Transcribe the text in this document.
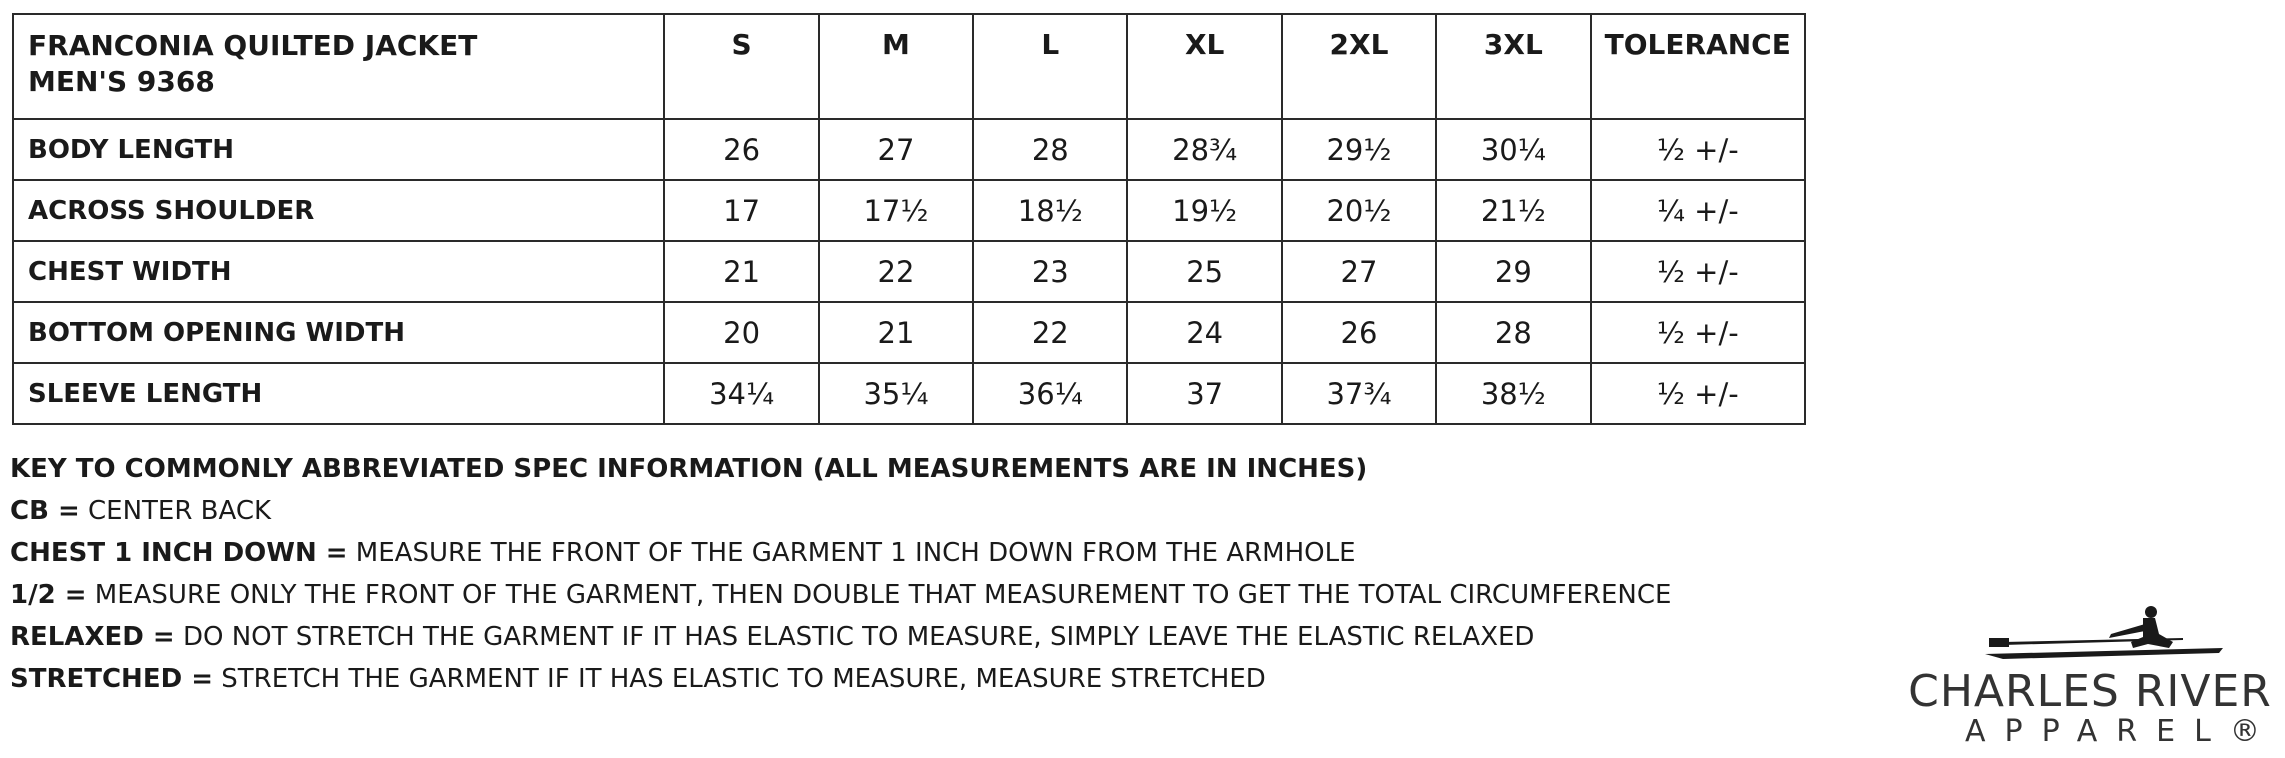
FRANCONIA QUILTED JACKET
MEN'S 9368	S	M	L	XL	2XL	3XL	TOLERANCE
BODY LENGTH	26	27	28	28¾	29½	30¼	½ +/-
ACROSS SHOULDER	17	17½	18½	19½	20½	21½	¼ +/-
CHEST WIDTH	21	22	23	25	27	29	½ +/-
BOTTOM OPENING WIDTH	20	21	22	24	26	28	½ +/-
SLEEVE LENGTH	34¼	35¼	36¼	37	37¾	38½	½ +/-
KEY TO COMMONLY ABBREVIATED SPEC INFORMATION (ALL MEASUREMENTS ARE IN INCHES)
CB = CENTER BACK
CHEST 1 INCH DOWN = MEASURE THE FRONT OF THE GARMENT 1 INCH DOWN FROM THE ARMHOLE
1/2 = MEASURE ONLY THE FRONT OF THE GARMENT, THEN DOUBLE THAT MEASUREMENT TO GET THE TOTAL CIRCUMFERENCE
RELAXED = DO NOT STRETCH THE GARMENT IF IT HAS ELASTIC TO MEASURE, SIMPLY LEAVE THE ELASTIC RELAXED
STRETCHED = STRETCH THE GARMENT IF IT HAS ELASTIC TO MEASURE, MEASURE STRETCHED	CHARLES RIVER
APPAREL®
